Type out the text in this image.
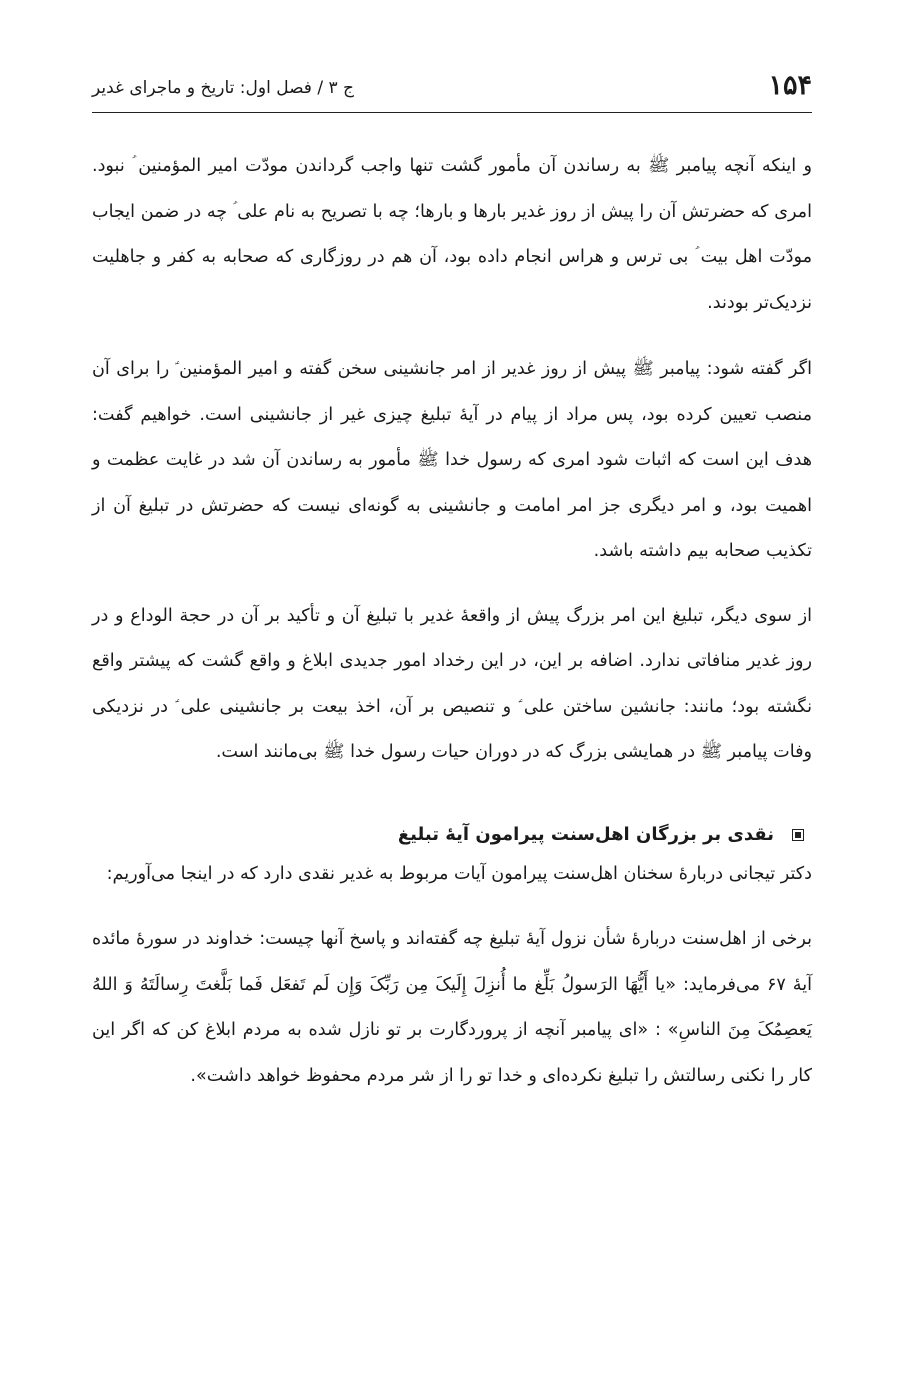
۱۵۴
ج ۳ / فصل اول: تاریخ و ماجرای غدیر

و اینکه آنچه پیامبر ﷺ به رساندن آن مأمور گشت تنها واجب گرداندن مودّت امیر المؤمنین ؑ نبود. امری که حضرتش آن را پیش از روز غدیر بارها و بارها؛ چه با تصریح به نام علی ؑ چه در ضمن ایجاب مودّت اهل بیت ؑ بی ترس و هراس انجام داده بود، آن هم در روزگاری که صحابه به کفر و جاهلیت نزدیک‌تر بودند.

اگر گفته شود: پیامبر ﷺ پیش از روز غدیر از امر جانشینی سخن گفته و امیر المؤمنین ؑ را برای آن منصب تعیین کرده بود، پس مراد از پیام در آیهٔ تبلیغ چیزی غیر از جانشینی است. خواهیم گفت: هدف این است که اثبات شود امری که رسول خدا ﷺ مأمور به رساندن آن شد در غایت عظمت و اهمیت بود، و امر دیگری جز امر امامت و جانشینی به گونه‌ای نیست که حضرتش در تبلیغ آن از تکذیب صحابه بیم داشته باشد.

از سوی دیگر، تبلیغ این امر بزرگ پیش از واقعهٔ غدیر با تبلیغ آن و تأکید بر آن در حجة الوداع و در روز غدیر منافاتی ندارد. اضافه بر این، در این رخداد امور جدیدی ابلاغ و واقع گشت که پیشتر واقع نگشته بود؛ مانند: جانشین ساختن علی ؑ و تنصیص بر آن، اخذ بیعت بر جانشینی علی ؑ در نزدیکی وفات پیامبر ﷺ در همایشی بزرگ که در دوران حیات رسول خدا ﷺ بی‌مانند است.

نقدی بر بزرگان اهل‌سنت پیرامون آیهٔ تبلیغ

دکتر تیجانی دربارهٔ سخنان اهل‌سنت پیرامون آیات مربوط به غدیر نقدی دارد که در اینجا می‌آوریم:

برخی از اهل‌سنت دربارهٔ شأن نزول آیهٔ تبلیغ چه گفته‌اند و پاسخ آنها چیست: خداوند در سورهٔ مائده آیهٔ ۶۷ می‌فرماید: «یا أَیُّهَا الرَسولُ بَلِّغ ما أُنزِلَ إِلَیکَ مِن رَبِّکَ وَإِن لَم تَفعَل فَما بَلَّغتَ رِسالَتَهُ وَ اللهُ یَعصِمُکَ مِنَ الناسِ» : «ای پیامبر آنچه از پروردگارت بر تو نازل شده به مردم ابلاغ کن که اگر این کار را نکنی رسالتش را تبلیغ نکرده‌ای و خدا تو را از شر مردم محفوظ خواهد داشت».
